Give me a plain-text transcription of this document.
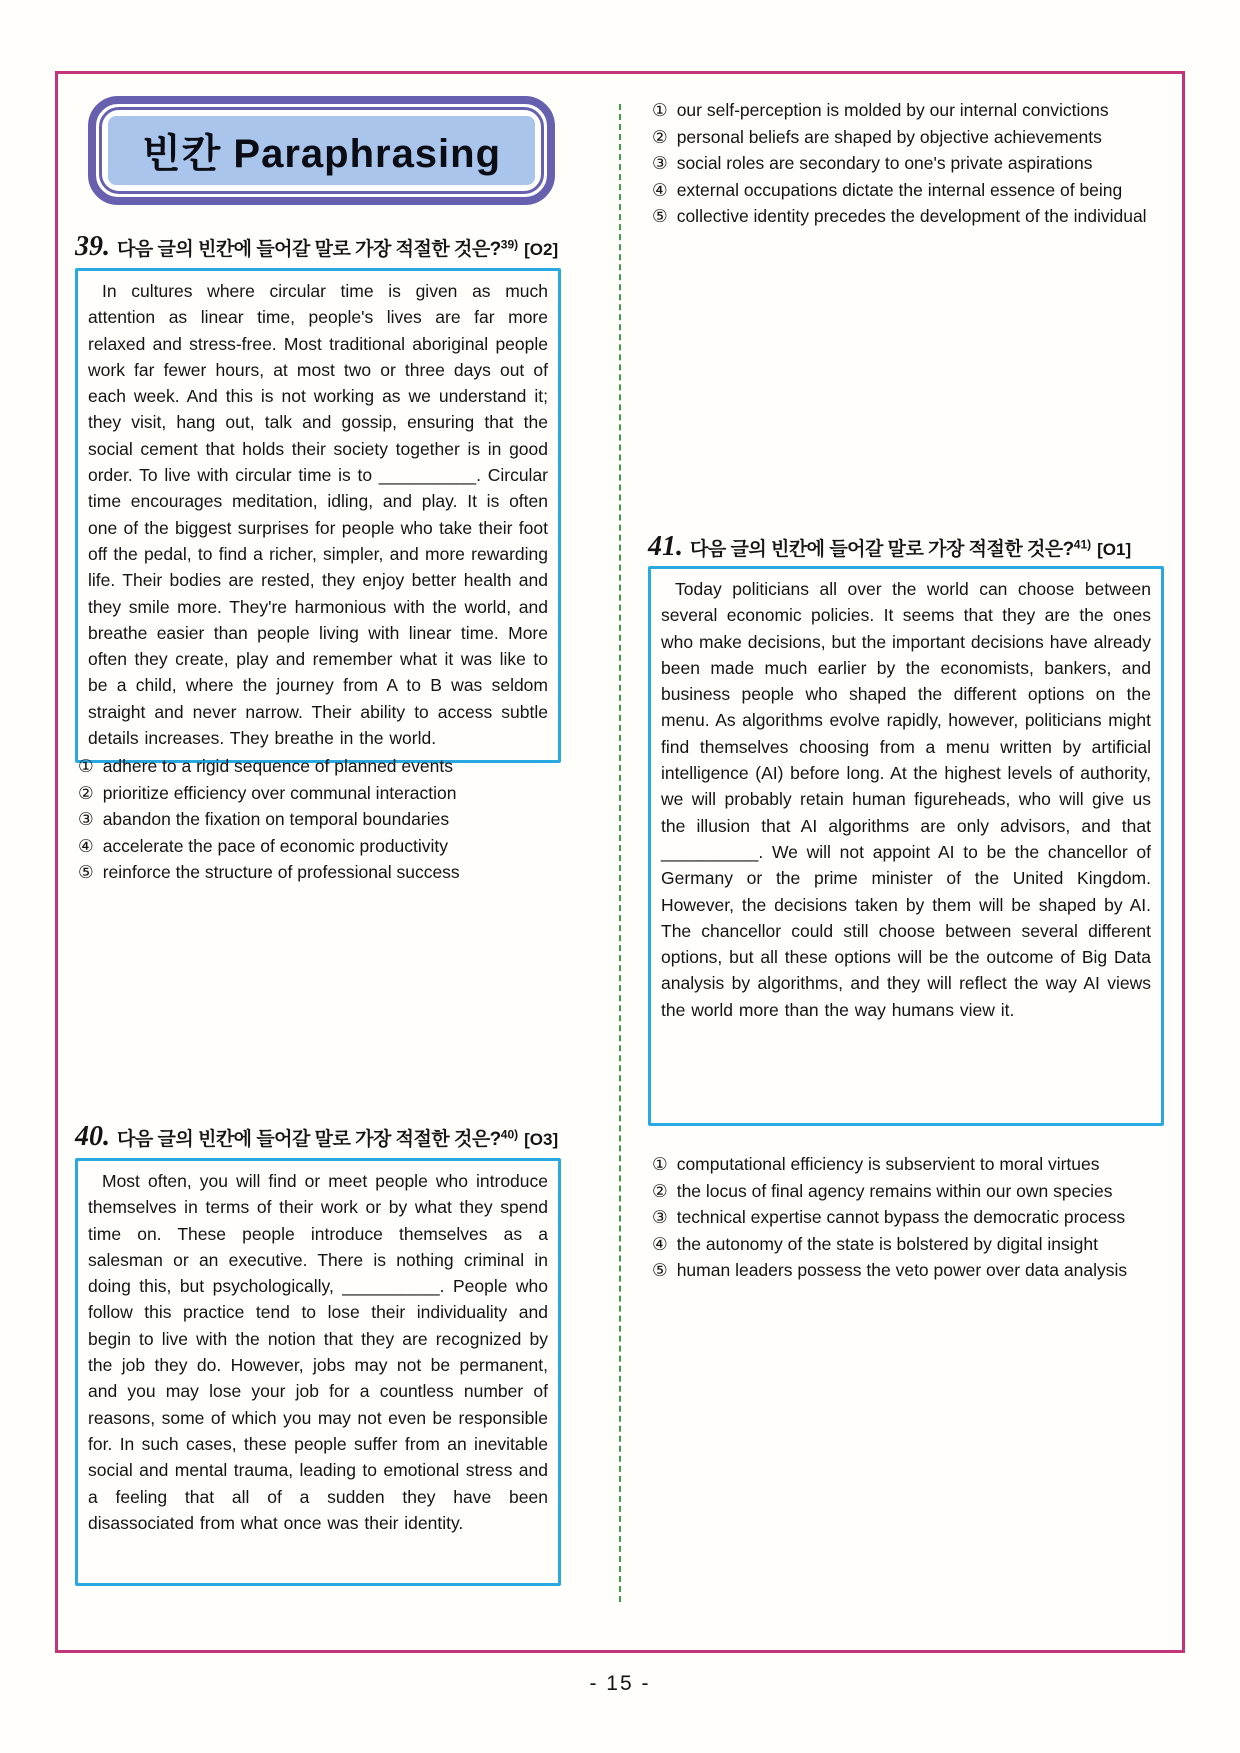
빈칸 Paraphrasing
39. 다음 글의 빈칸에 들어갈 말로 가장 적절한 것은?$^{39)}$ [O2]
In cultures where circular time is given as much attention as linear time, people's lives are far more relaxed and stress-free. Most traditional aboriginal people work far fewer hours, at most two or three days out of each week. And this is not working as we understand it; they visit, hang out, talk and gossip, ensuring that the social cement that holds their society together is in good order. To live with circular time is to __________. Circular time encourages meditation, idling, and play. It is often one of the biggest surprises for people who take their foot off the pedal, to find a richer, simpler, and more rewarding life. Their bodies are rested, they enjoy better health and they smile more. They're harmonious with the world, and breathe easier than people living with linear time. More often they create, play and remember what it was like to be a child, where the journey from A to B was seldom straight and never narrow. Their ability to access subtle details increases. They breathe in the world.
① adhere to a rigid sequence of planned events
② prioritize efficiency over communal interaction
③ abandon the fixation on temporal boundaries
④ accelerate the pace of economic productivity
⑤ reinforce the structure of professional success
40. 다음 글의 빈칸에 들어갈 말로 가장 적절한 것은?$^{40)}$ [O3]
Most often, you will find or meet people who introduce themselves in terms of their work or by what they spend time on. These people introduce themselves as a salesman or an executive. There is nothing criminal in doing this, but psychologically, __________. People who follow this practice tend to lose their individuality and begin to live with the notion that they are recognized by the job they do. However, jobs may not be permanent, and you may lose your job for a countless number of reasons, some of which you may not even be responsible for. In such cases, these people suffer from an inevitable social and mental trauma, leading to emotional stress and a feeling that all of a sudden they have been disassociated from what once was their identity.
① our self-perception is molded by our internal convictions
② personal beliefs are shaped by objective achievements
③ social roles are secondary to one's private aspirations
④ external occupations dictate the internal essence of being
⑤ collective identity precedes the development of the individual
41. 다음 글의 빈칸에 들어갈 말로 가장 적절한 것은?$^{41)}$ [O1]
Today politicians all over the world can choose between several economic policies. It seems that they are the ones who make decisions, but the important decisions have already been made much earlier by the economists, bankers, and business people who shaped the different options on the menu. As algorithms evolve rapidly, however, politicians might find themselves choosing from a menu written by artificial intelligence (AI) before long. At the highest levels of authority, we will probably retain human figureheads, who will give us the illusion that AI algorithms are only advisors, and that __________. We will not appoint AI to be the chancellor of Germany or the prime minister of the United Kingdom. However, the decisions taken by them will be shaped by AI. The chancellor could still choose between several different options, but all these options will be the outcome of Big Data analysis by algorithms, and they will reflect the way AI views the world more than the way humans view it.
① computational efficiency is subservient to moral virtues
② the locus of final agency remains within our own species
③ technical expertise cannot bypass the democratic process
④ the autonomy of the state is bolstered by digital insight
⑤ human leaders possess the veto power over data analysis
- 15 -
